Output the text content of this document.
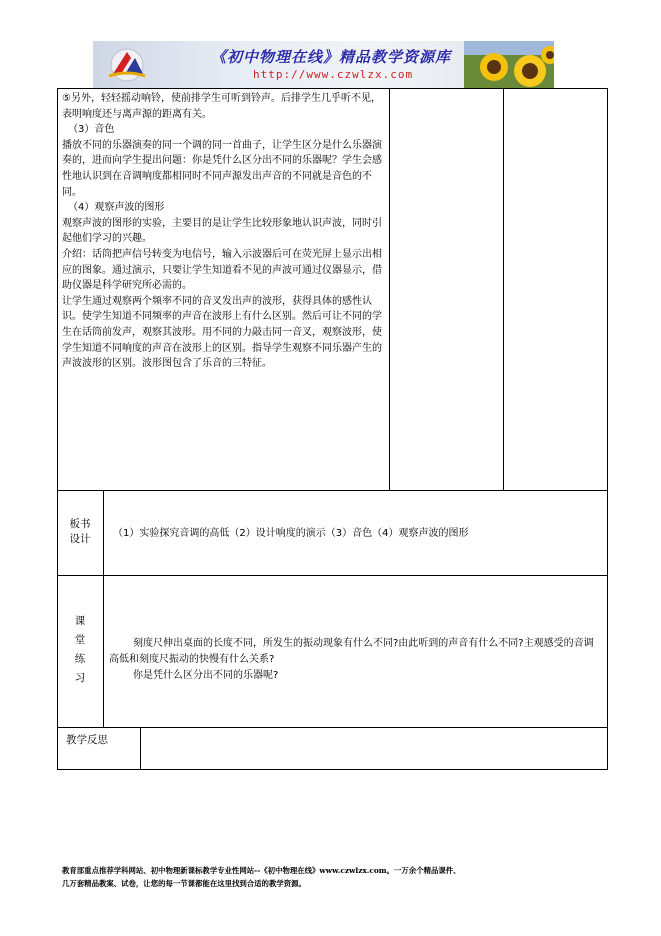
《初中物理在线》精品教学资源库
http://www.czwlzx.com

⑤另外，轻轻摇动响铃，使前排学生可听到铃声。后排学生几乎听不见，表明响度还与离声源的距离有关。

（3）音色

播放不同的乐器演奏的同一个调的同一首曲子，让学生区分是什么乐器演奏的，进而向学生提出问题：你是凭什么区分出不同的乐器呢？学生会感性地认识到在音调响度都相同时不同声源发出声音的不同就是音色的不同。

（4）观察声波的图形

观察声波的图形的实验，主要目的是让学生比较形象地认识声波，同时引起他们学习的兴趣。

介绍：话筒把声信号转变为电信号，输入示波器后可在荧光屏上显示出相应的图象。通过演示，只要让学生知道看不见的声波可通过仪器显示，借助仪器是科学研究所必需的。

让学生通过观察两个频率不同的音叉发出声的波形，获得具体的感性认识。使学生知道不同频率的声音在波形上有什么区别。然后可让不同的学生在话筒前发声，观察其波形。用不同的力敲击同一音叉，观察波形，使学生知道不同响度的声音在波形上的区别。指导学生观察不同乐器产生的声波波形的区别。波形图包含了乐音的三特征。

板书
设计	（1）实验探究音调的高低（2）设计响度的演示（3）音色（4）观察声波的图形
课
堂
练
习
刻度尺伸出桌面的长度不同，所发生的振动现象有什么不同?由此听到的声音有什么不同?主观感受的音调高低和刻度尺振动的快慢有什么关系?
你是凭什么区分出不同的乐器呢?
教学反思
教育部重点推荐学科网站、初中物理新课标教学专业性网站--《初中物理在线》www.czwlzx.com。一万余个精品课件、
几万套精品教案、试卷，让您的每一节课都能在这里找到合适的教学资源。
